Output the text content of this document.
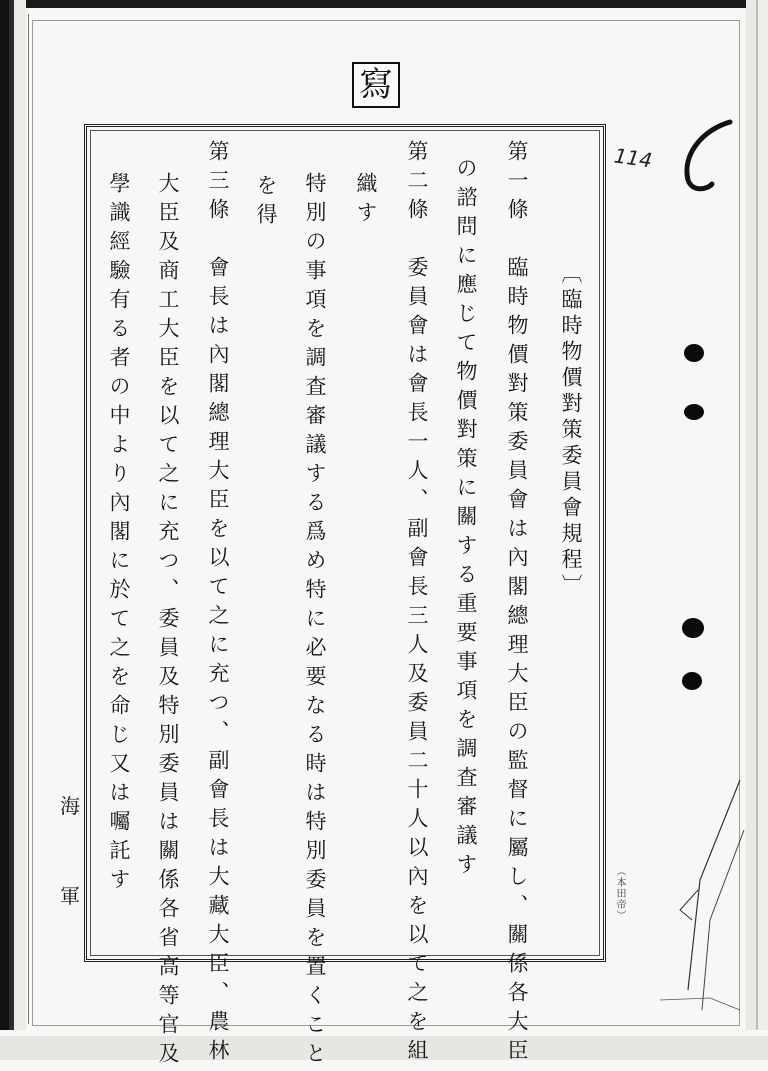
寫
114
〔臨時物價對策委員會規程〕
第一條　臨時物價對策委員會は內閣總理大臣の監督に屬し、關係各大臣
の諮問に應じて物價對策に關する重要事項を調査審議す
第二條　委員會は會長一人、副會長三人及委員二十人以內を以て之を組
織す
特別の事項を調査審議する爲め特に必要なる時は特別委員を置くこと
を得
第三條　會長は內閣總理大臣を以て之に充つ、副會長は大藏大臣、農林
大臣及商工大臣を以て之に充つ、委員及特別委員は關係各省高等官及
學識經驗有る者の中より內閣に於て之を命じ又は囑託す
海
軍	（本田帝）
